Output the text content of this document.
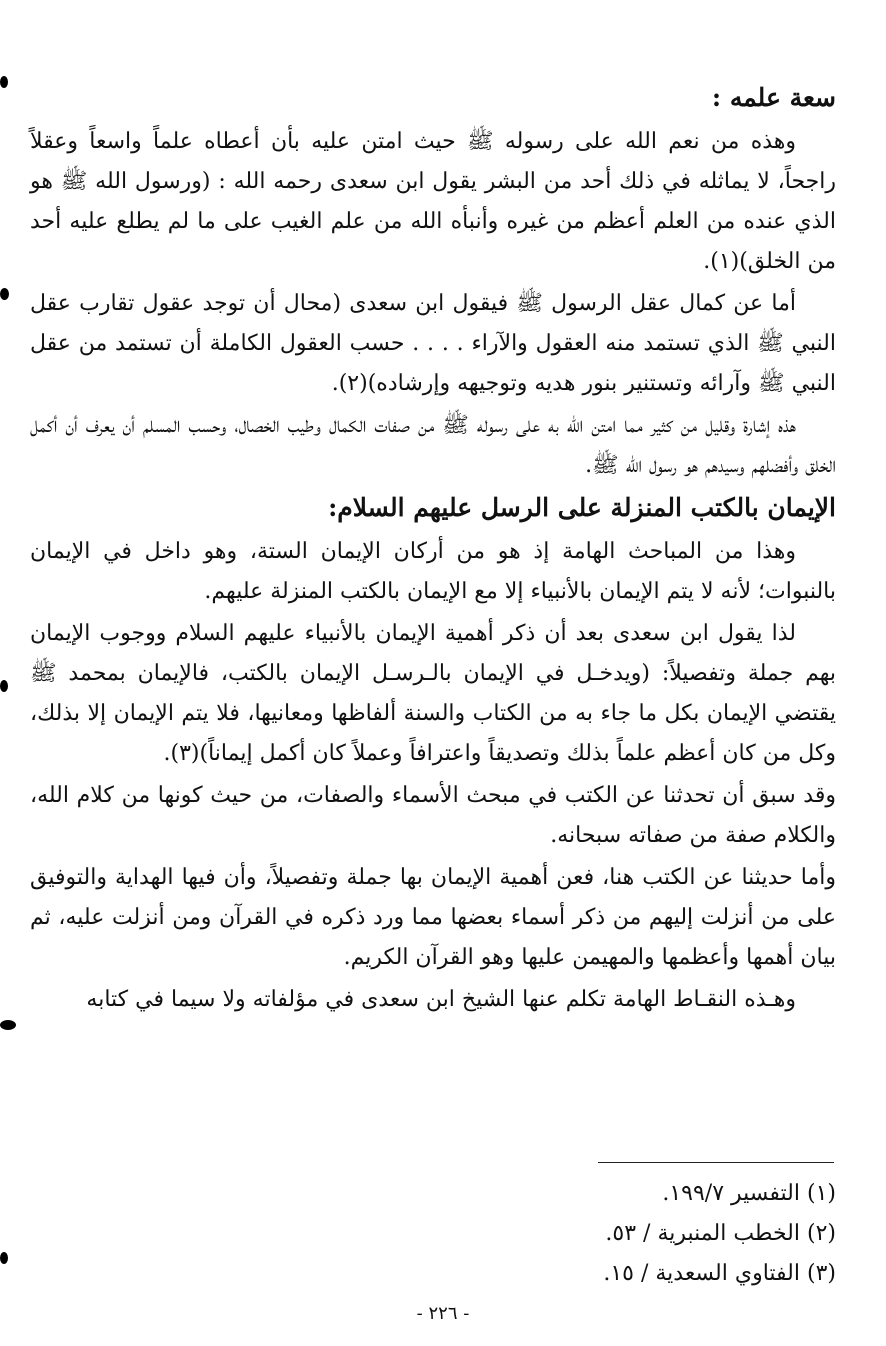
سعة علمه :

وهذه من نعم الله على رسوله ﷺ حيث امتن عليه بأن أعطاه علماً واسعاً وعقلاً راجحاً، لا يماثله في ذلك أحد من البشر يقول ابن سعدى رحمه الله : (ورسول الله ﷺ هو الذي عنده من العلم أعظم من غيره وأنبأه الله من علم الغيب على ما لم يطلع عليه أحد من الخلق)(١).

أما عن كمال عقل الرسول ﷺ فيقول ابن سعدى (محال أن توجد عقول تقارب عقل النبي ﷺ الذي تستمد منه العقول والآراء . . . . حسب العقول الكاملة أن تستمد من عقل النبي ﷺ وآرائه وتستنير بنور هديه وتوجيهه وإرشاده)(٢).

هذه إشارة وقليل من كثير مما امتن الله به على رسوله ﷺ من صفات الكمال وطيب الخصال، وحسب المسلم أن يعرف أن أكمل الخلق وأفضلهم وسيدهم هو رسول الله ﷺ.

الإيمان بالكتب المنزلة على الرسل عليهم السلام:

وهذا من المباحث الهامة إذ هو من أركان الإيمان الستة، وهو داخل في الإيمان بالنبوات؛ لأنه لا يتم الإيمان بالأنبياء إلا مع الإيمان بالكتب المنزلة عليهم.

لذا يقول ابن سعدى بعد أن ذكر أهمية الإيمان بالأنبياء عليهم السلام ووجوب الإيمان بهم جملة وتفصيلاً: (ويدخـل في الإيمان بالـرسـل الإيمان بالكتب، فالإيمان بمحمد ﷺ يقتضي الإيمان بكل ما جاء به من الكتاب والسنة ألفاظها ومعانيها، فلا يتم الإيمان إلا بذلك، وكل من كان أعظم علماً بذلك وتصديقاً واعترافاً وعملاً كان أكمل إيماناً)(٣).

وقد سبق أن تحدثنا عن الكتب في مبحث الأسماء والصفات، من حيث كونها من كلام الله، والكلام صفة من صفاته سبحانه.

وأما حديثنا عن الكتب هنا، فعن أهمية الإيمان بها جملة وتفصيلاً، وأن فيها الهداية والتوفيق على من أنزلت إليهم من ذكر أسماء بعضها مما ورد ذكره في القرآن ومن أنزلت عليه، ثم بيان أهمها وأعظمها والمهيمن عليها وهو القرآن الكريم.

وهـذه النقـاط الهامة تكلم عنها الشيخ ابن سعدى في مؤلفاته ولا سيما في كتابه

(١) التفسير ١٩٩/٧.

(٢) الخطب المنبرية / ٥٣.

(٣) الفتاوي السعدية / ١٥.

- ٢٢٦ -
